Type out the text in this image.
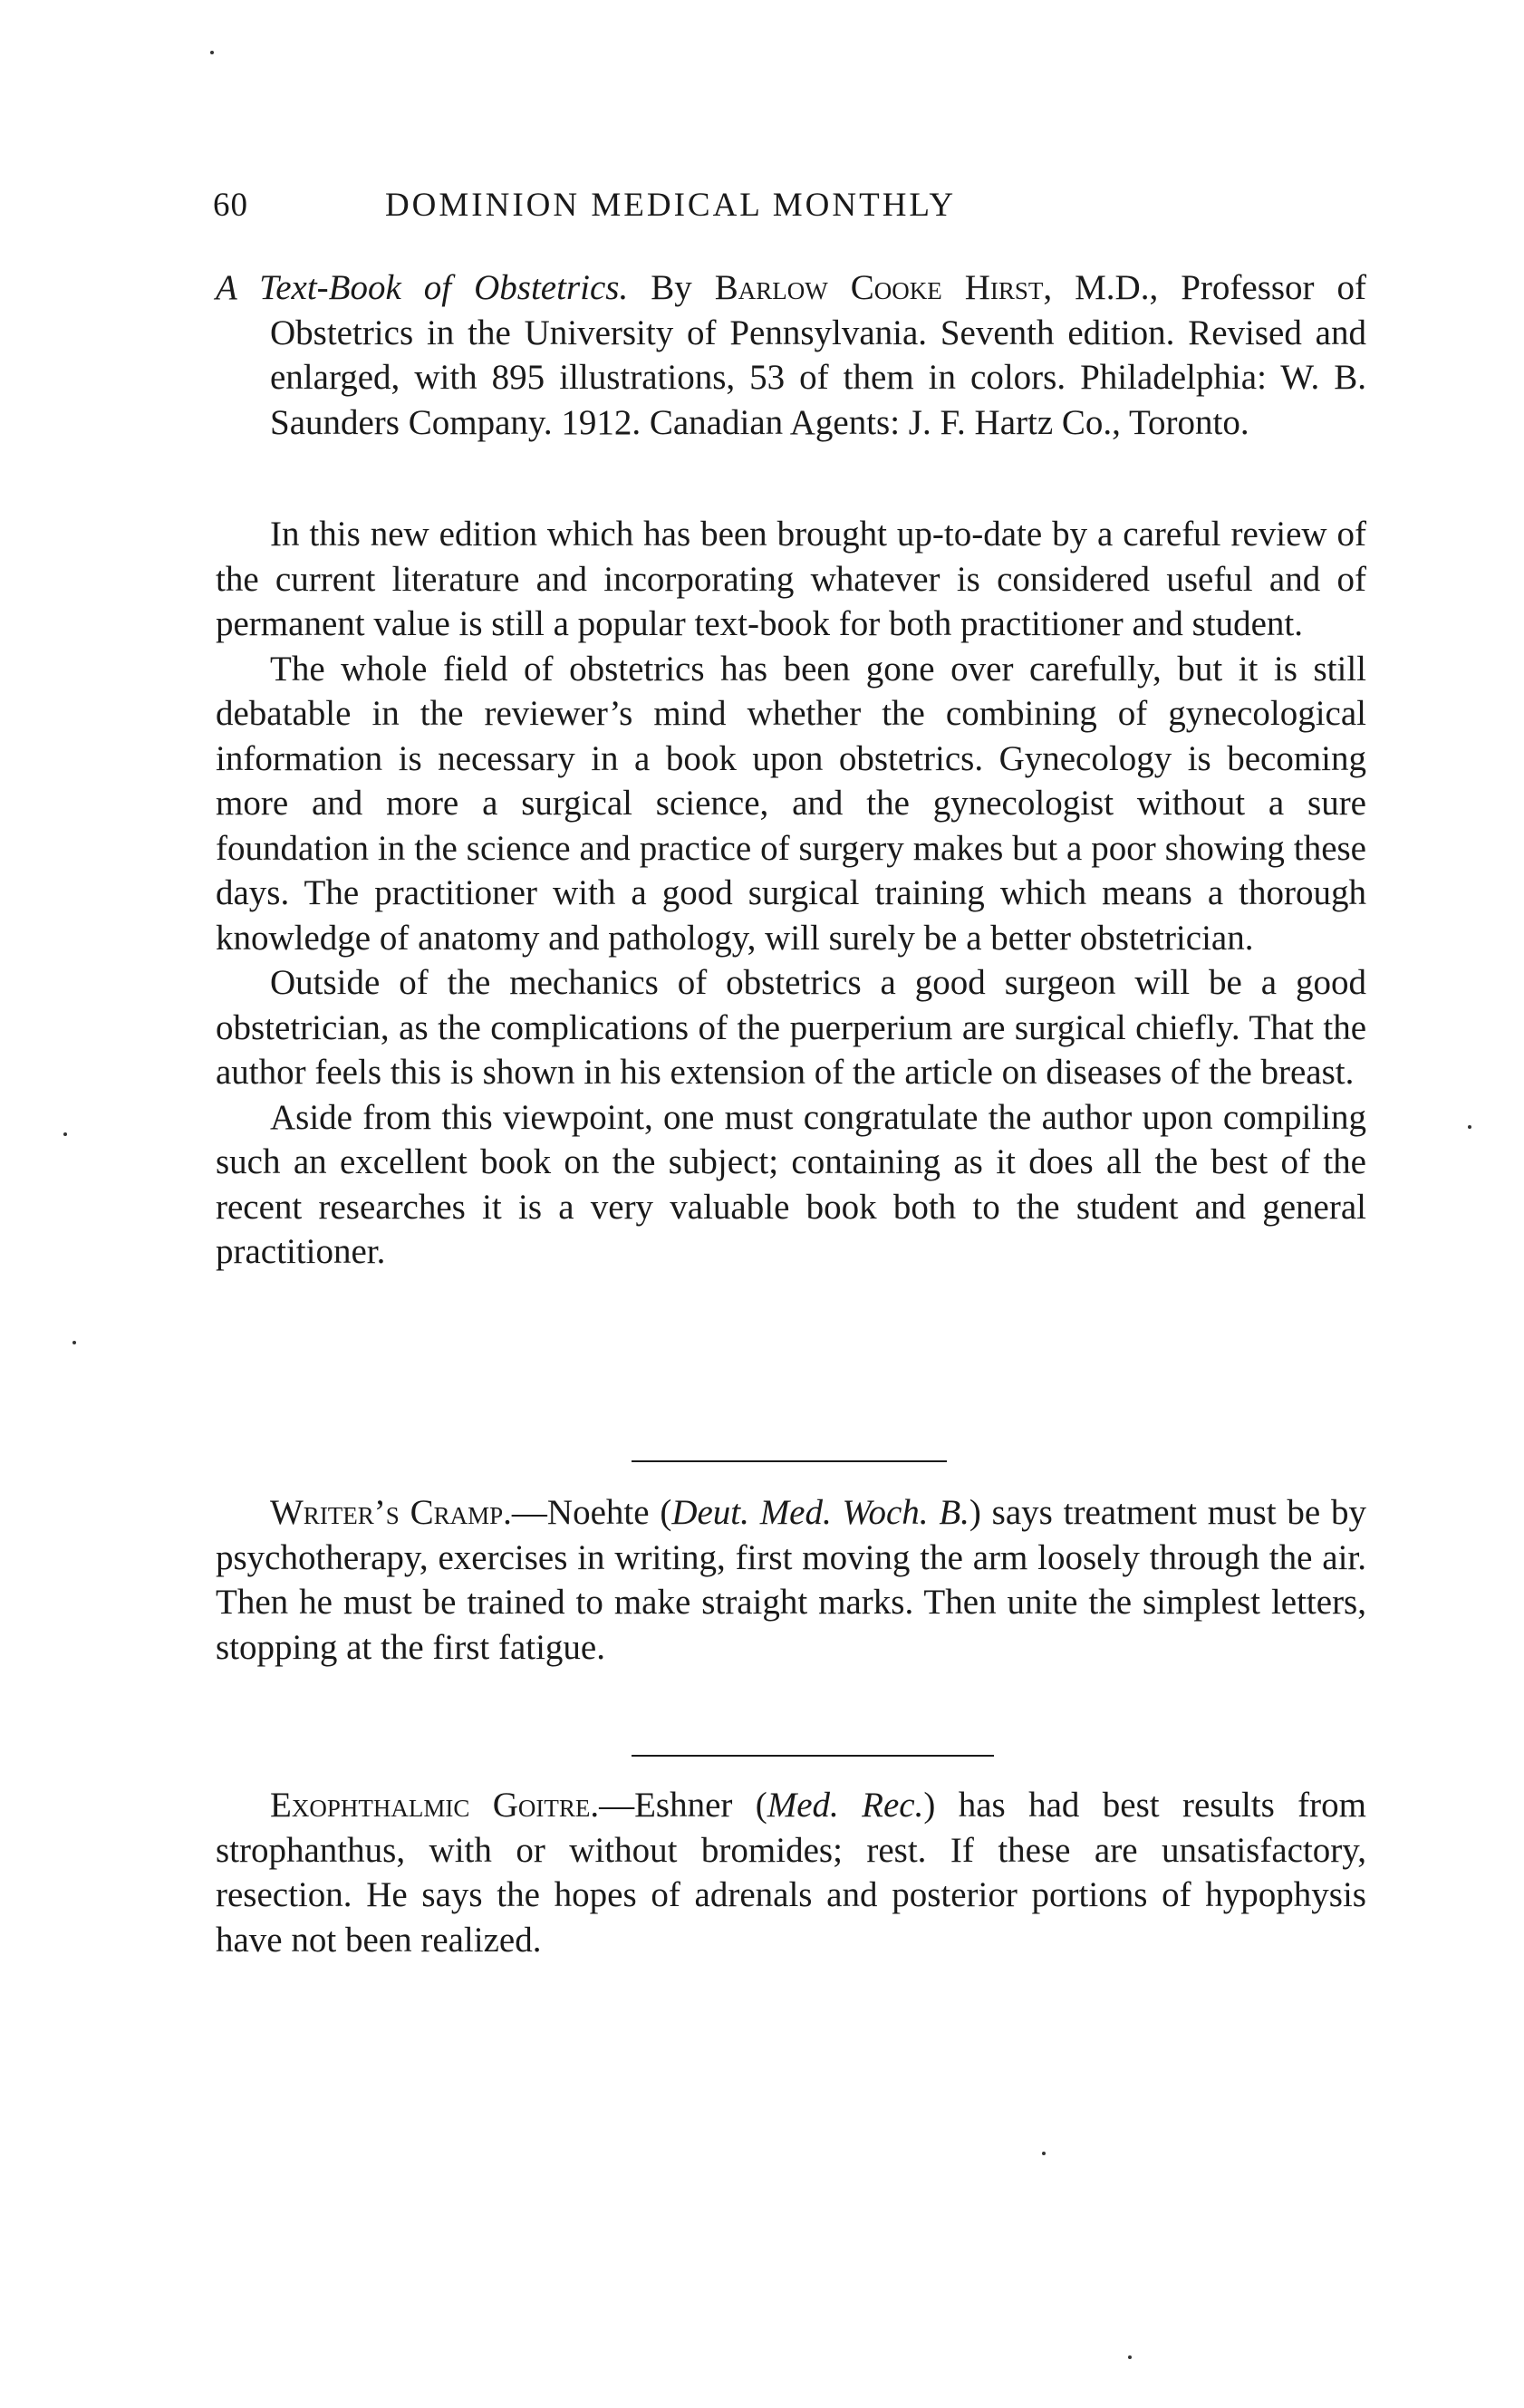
60	DOMINION MEDICAL MONTHLY

A Text-Book of Obstetrics. By Barlow Cooke Hirst, M.D., Professor of Obstetrics in the University of Pennsylvania. Seventh edition. Revised and enlarged, with 895 illustrations, 53 of them in colors. Philadelphia: W. B. Saunders Company. 1912. Canadian Agents: J. F. Hartz Co., Toronto.

In this new edition which has been brought up-to-date by a careful review of the current literature and incorporating whatever is considered useful and of permanent value is still a popular text-book for both practitioner and student.

The whole field of obstetrics has been gone over carefully, but it is still debatable in the reviewer’s mind whether the combining of gynecological information is necessary in a book upon obstetrics. Gynecology is becoming more and more a surgical science, and the gynecologist without a sure foundation in the science and practice of surgery makes but a poor showing these days. The practitioner with a good surgical training which means a thorough knowledge of anatomy and pathology, will surely be a better obstetrician.

Outside of the mechanics of obstetrics a good surgeon will be a good obstetrician, as the complications of the puerperium are surgical chiefly. That the author feels this is shown in his extension of the article on diseases of the breast.

Aside from this viewpoint, one must congratulate the author upon compiling such an excellent book on the subject; containing as it does all the best of the recent researches it is a very valuable book both to the student and general practitioner.

Writer’s Cramp.—Noehte (Deut. Med. Woch. B.) says treatment must be by psychotherapy, exercises in writing, first moving the arm loosely through the air. Then he must be trained to make straight marks. Then unite the simplest letters, stopping at the first fatigue.

Exophthalmic Goitre.—Eshner (Med. Rec.) has had best results from strophanthus, with or without bromides; rest. If these are unsatisfactory, resection. He says the hopes of adrenals and posterior portions of hypophysis have not been realized.
